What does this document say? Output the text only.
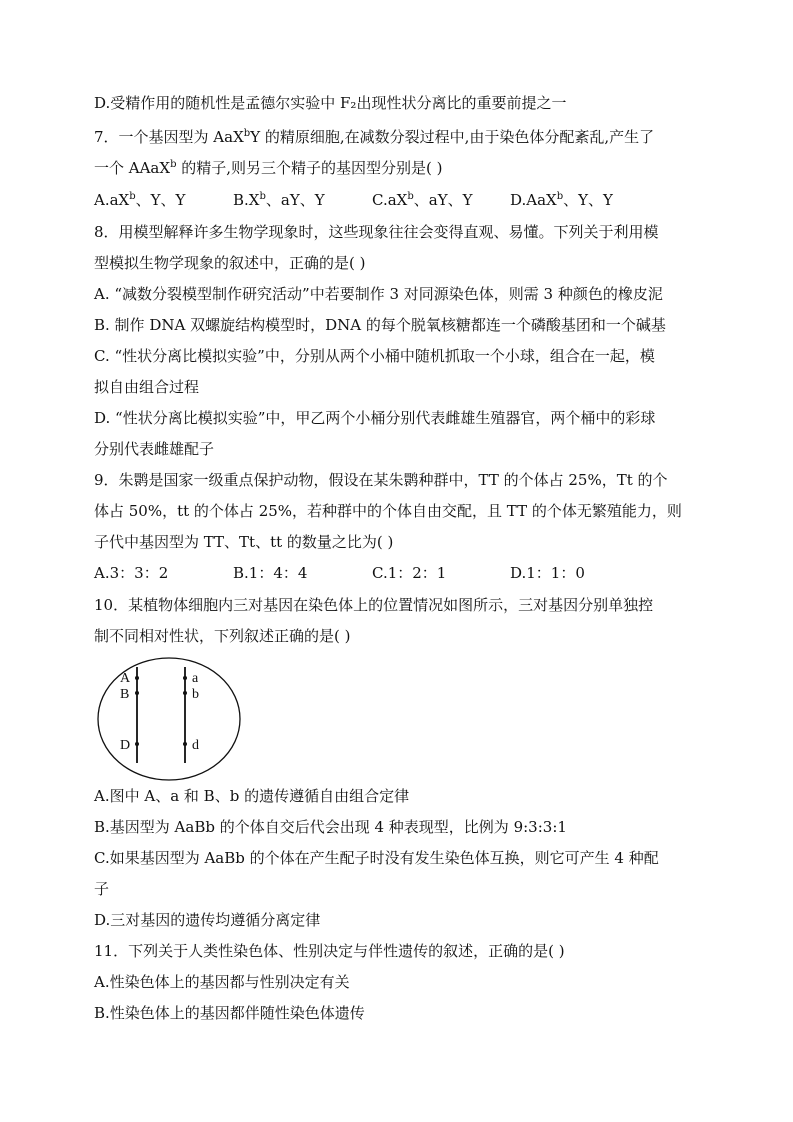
D.受精作用的随机性是孟德尔实验中 F₂出现性状分离比的重要前提之一
7．一个基因型为 AaX$^b$Y 的精原细胞,在减数分裂过程中,由于染色体分配紊乱,产生了
一个 AAaX$^b$ 的精子,则另三个精子的基因型分别是( )
$A.aX^b$、Y、Y	$B.X^b$、aY、Y	$C.aX^b$、aY、Y	D.AaX$^b$、Y、Y
8．用模型解释许多生物学现象时，这些现象往往会变得直观、易懂。下列关于利用模
型模拟生物学现象的叙述中，正确的是( )
A. “减数分裂模型制作研究活动”中若要制作 3 对同源染色体，则需 3 种颜色的橡皮泥
B. 制作 DNA 双螺旋结构模型时，DNA 的每个脱氧核糖都连一个磷酸基团和一个碱基
C. “性状分离比模拟实验”中，分别从两个小桶中随机抓取一个小球，组合在一起，模
拟自由组合过程
D. “性状分离比模拟实验”中，甲乙两个小桶分别代表雌雄生殖器官，两个桶中的彩球
分别代表雌雄配子
9．朱鹮是国家一级重点保护动物，假设在某朱鹮种群中，TT 的个体占 25%，Tt 的个
体占 50%，tt 的个体占 25%，若种群中的个体自由交配，且 TT 的个体无繁殖能力，则
子代中基因型为 TT、Tt、tt 的数量之比为( )
A.3：3：2	B.1：4：4	C.1：2：1	D.1：1：0
10．某植物体细胞内三对基因在染色体上的位置情况如图所示，三对基因分别单独控
制不同相对性状，下列叙述正确的是( )
A
B
D
a
b
d
A.图中 A、a 和 B、b 的遗传遵循自由组合定律
B.基因型为 AaBb 的个体自交后代会出现 4 种表现型，比例为 9:3:3:1
C.如果基因型为 AaBb 的个体在产生配子时没有发生染色体互换，则它可产生 4 种配
子
D.三对基因的遗传均遵循分离定律
11．下列关于人类性染色体、性别决定与伴性遗传的叙述，正确的是( )
A.性染色体上的基因都与性别决定有关
B.性染色体上的基因都伴随性染色体遗传
